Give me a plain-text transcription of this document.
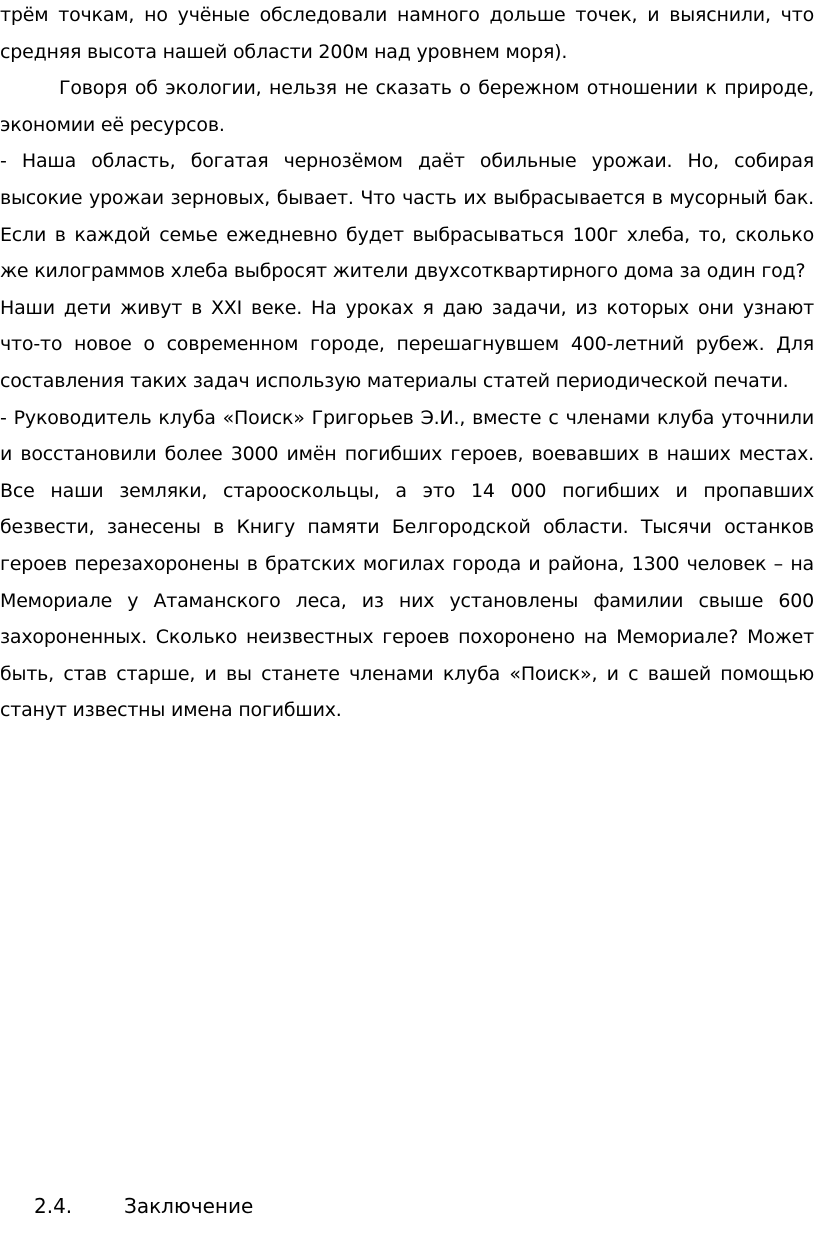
трём точкам, но учёные обследовали намного дольше точек, и выяснили, что средняя высота нашей области 200м над уровнем моря).

Говоря об экологии, нельзя не сказать о бережном отношении к природе, экономии её ресурсов.

- Наша область, богатая чернозёмом даёт обильные урожаи. Но, собирая высокие урожаи зерновых, бывает. Что часть их выбрасывается в мусорный бак. Если в каждой семье ежедневно будет выбрасываться 100г хлеба, то, сколько же килограммов хлеба выбросят жители двухсотквартирного дома за один год?

Наши дети живут в XXI веке. На уроках я даю задачи, из которых они узнают что-то новое о современном городе, перешагнувшем 400-летний рубеж. Для составления таких задач использую материалы статей периодической печати.

- Руководитель клуба «Поиск» Григорьев Э.И., вместе с членами клуба уточнили и восстановили более 3000 имён погибших героев, воевавших в наших местах. Все наши земляки, старооскольцы, а это 14 000 погибших и пропавших безвести, занесены в Книгу памяти Белгородской области. Тысячи останков героев перезахоронены в братских могилах города и района, 1300 человек – на Мемориале у Атаманского леса, из них установлены фамилии свыше 600 захороненных. Сколько неизвестных героев похоронено на Мемориале? Может быть, став старше, и вы станете членами клуба «Поиск», и с вашей помощью станут известны имена погибших.

2.4.	Заключение
